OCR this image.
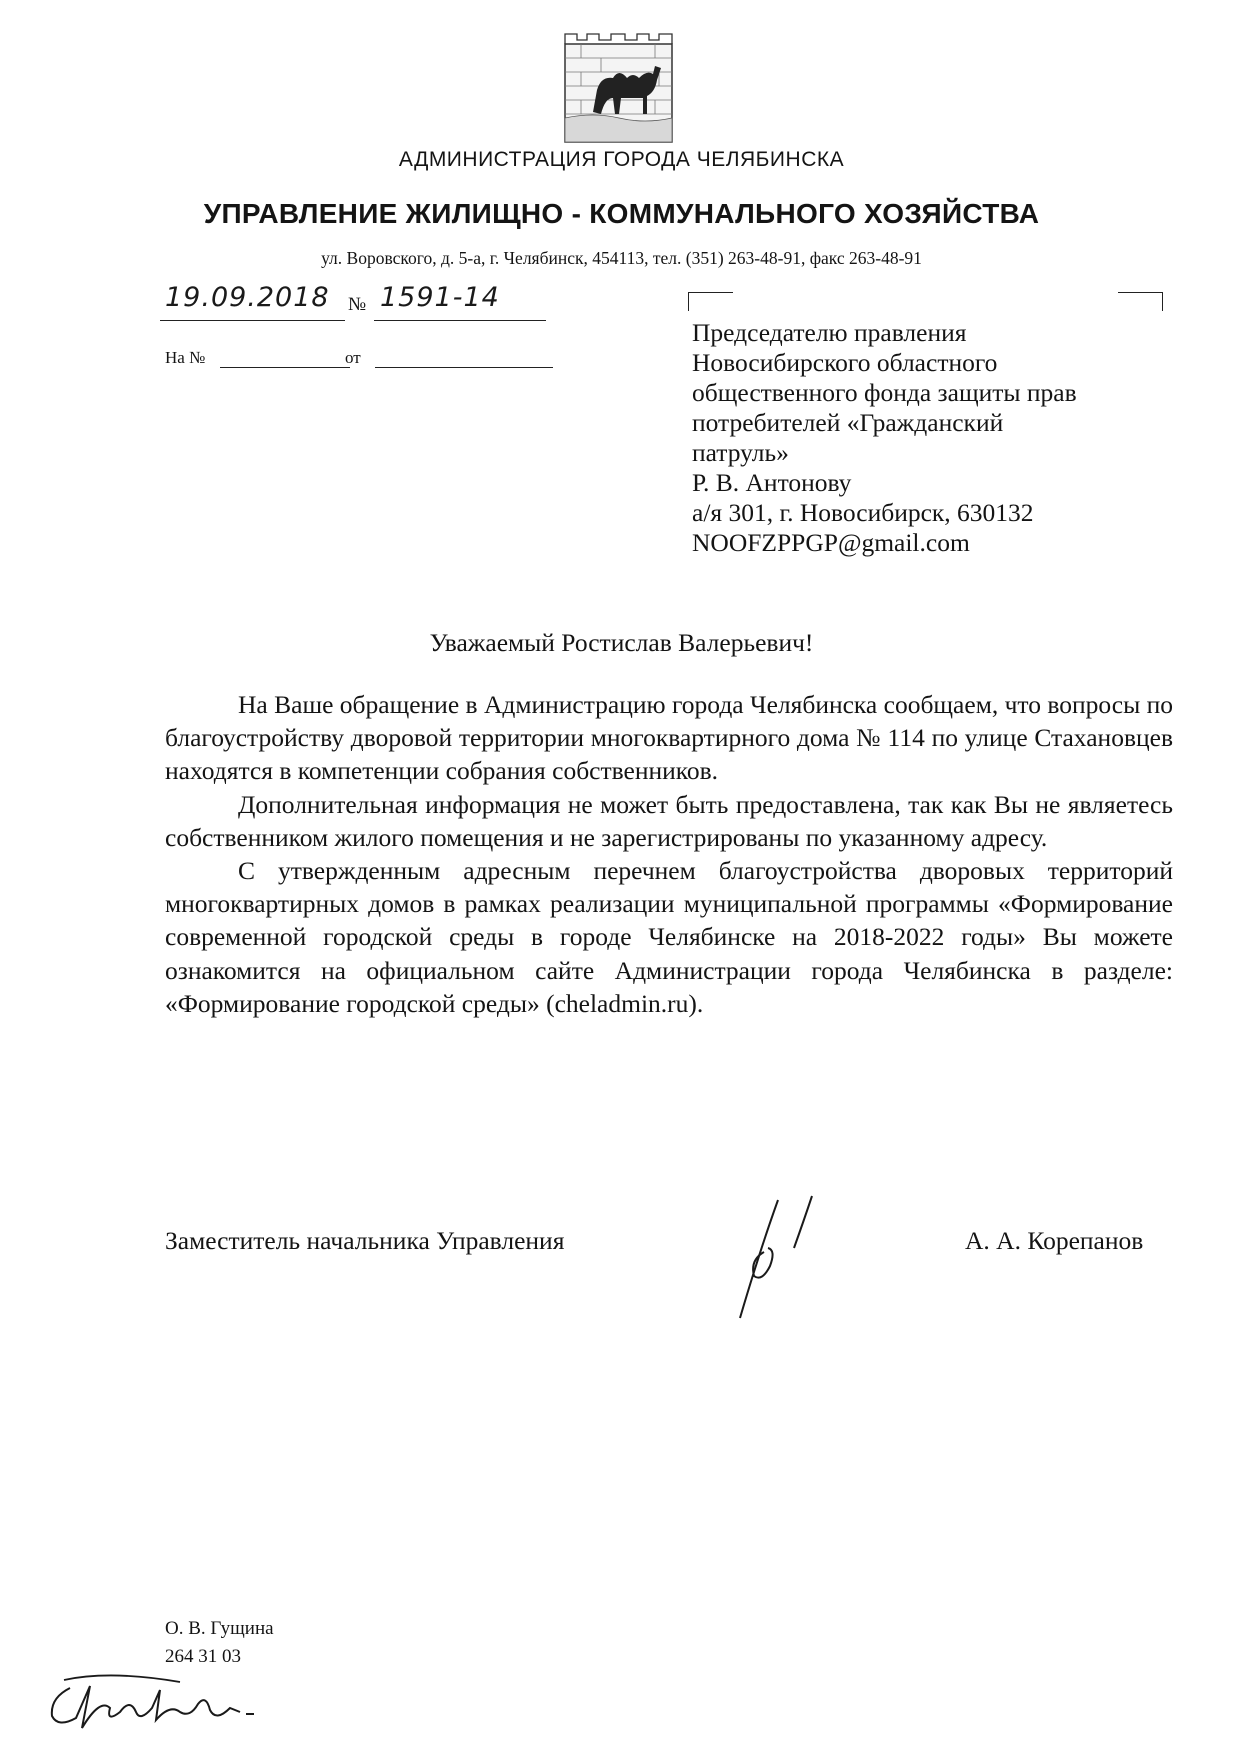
АДМИНИСТРАЦИЯ ГОРОДА ЧЕЛЯБИНСКА
УПРАВЛЕНИЕ ЖИЛИЩНО - КОММУНАЛЬНОГО ХОЗЯЙСТВА
ул. Воровского, д. 5-а, г. Челябинск, 454113, тел. (351) 263-48-91, факс 263-48-91
19.09.2018 № 1591-14
На №	от
Председателю правления
Новосибирского областного
общественного фонда защиты прав
потребителей «Гражданский
патруль»
Р. В. Антонову
а/я 301, г. Новосибирск, 630132
NOOFZPPGP@gmail.com
Уважаемый Ростислав Валерьевич!

На Ваше обращение в Администрацию города Челябинска сообщаем, что вопросы по благоустройству дворовой территории многоквартирного дома № 114 по улице Стахановцев находятся в компетенции собрания собственников.

Дополнительная информация не может быть предоставлена, так как Вы не являетесь собственником жилого помещения и не зарегистрированы по указанному адресу.

С утвержденным адресным перечнем благоустройства дворовых территорий многоквартирных домов в рамках реализации муниципальной программы «Формирование современной городской среды в городе Челябинске на 2018-2022 годы» Вы можете ознакомится на официальном сайте Администрации города Челябинска в разделе: «Формирование городской среды» (cheladmin.ru).

Заместитель начальника Управления	А. А. Корепанов
О. В. Гущина
264 31 03
